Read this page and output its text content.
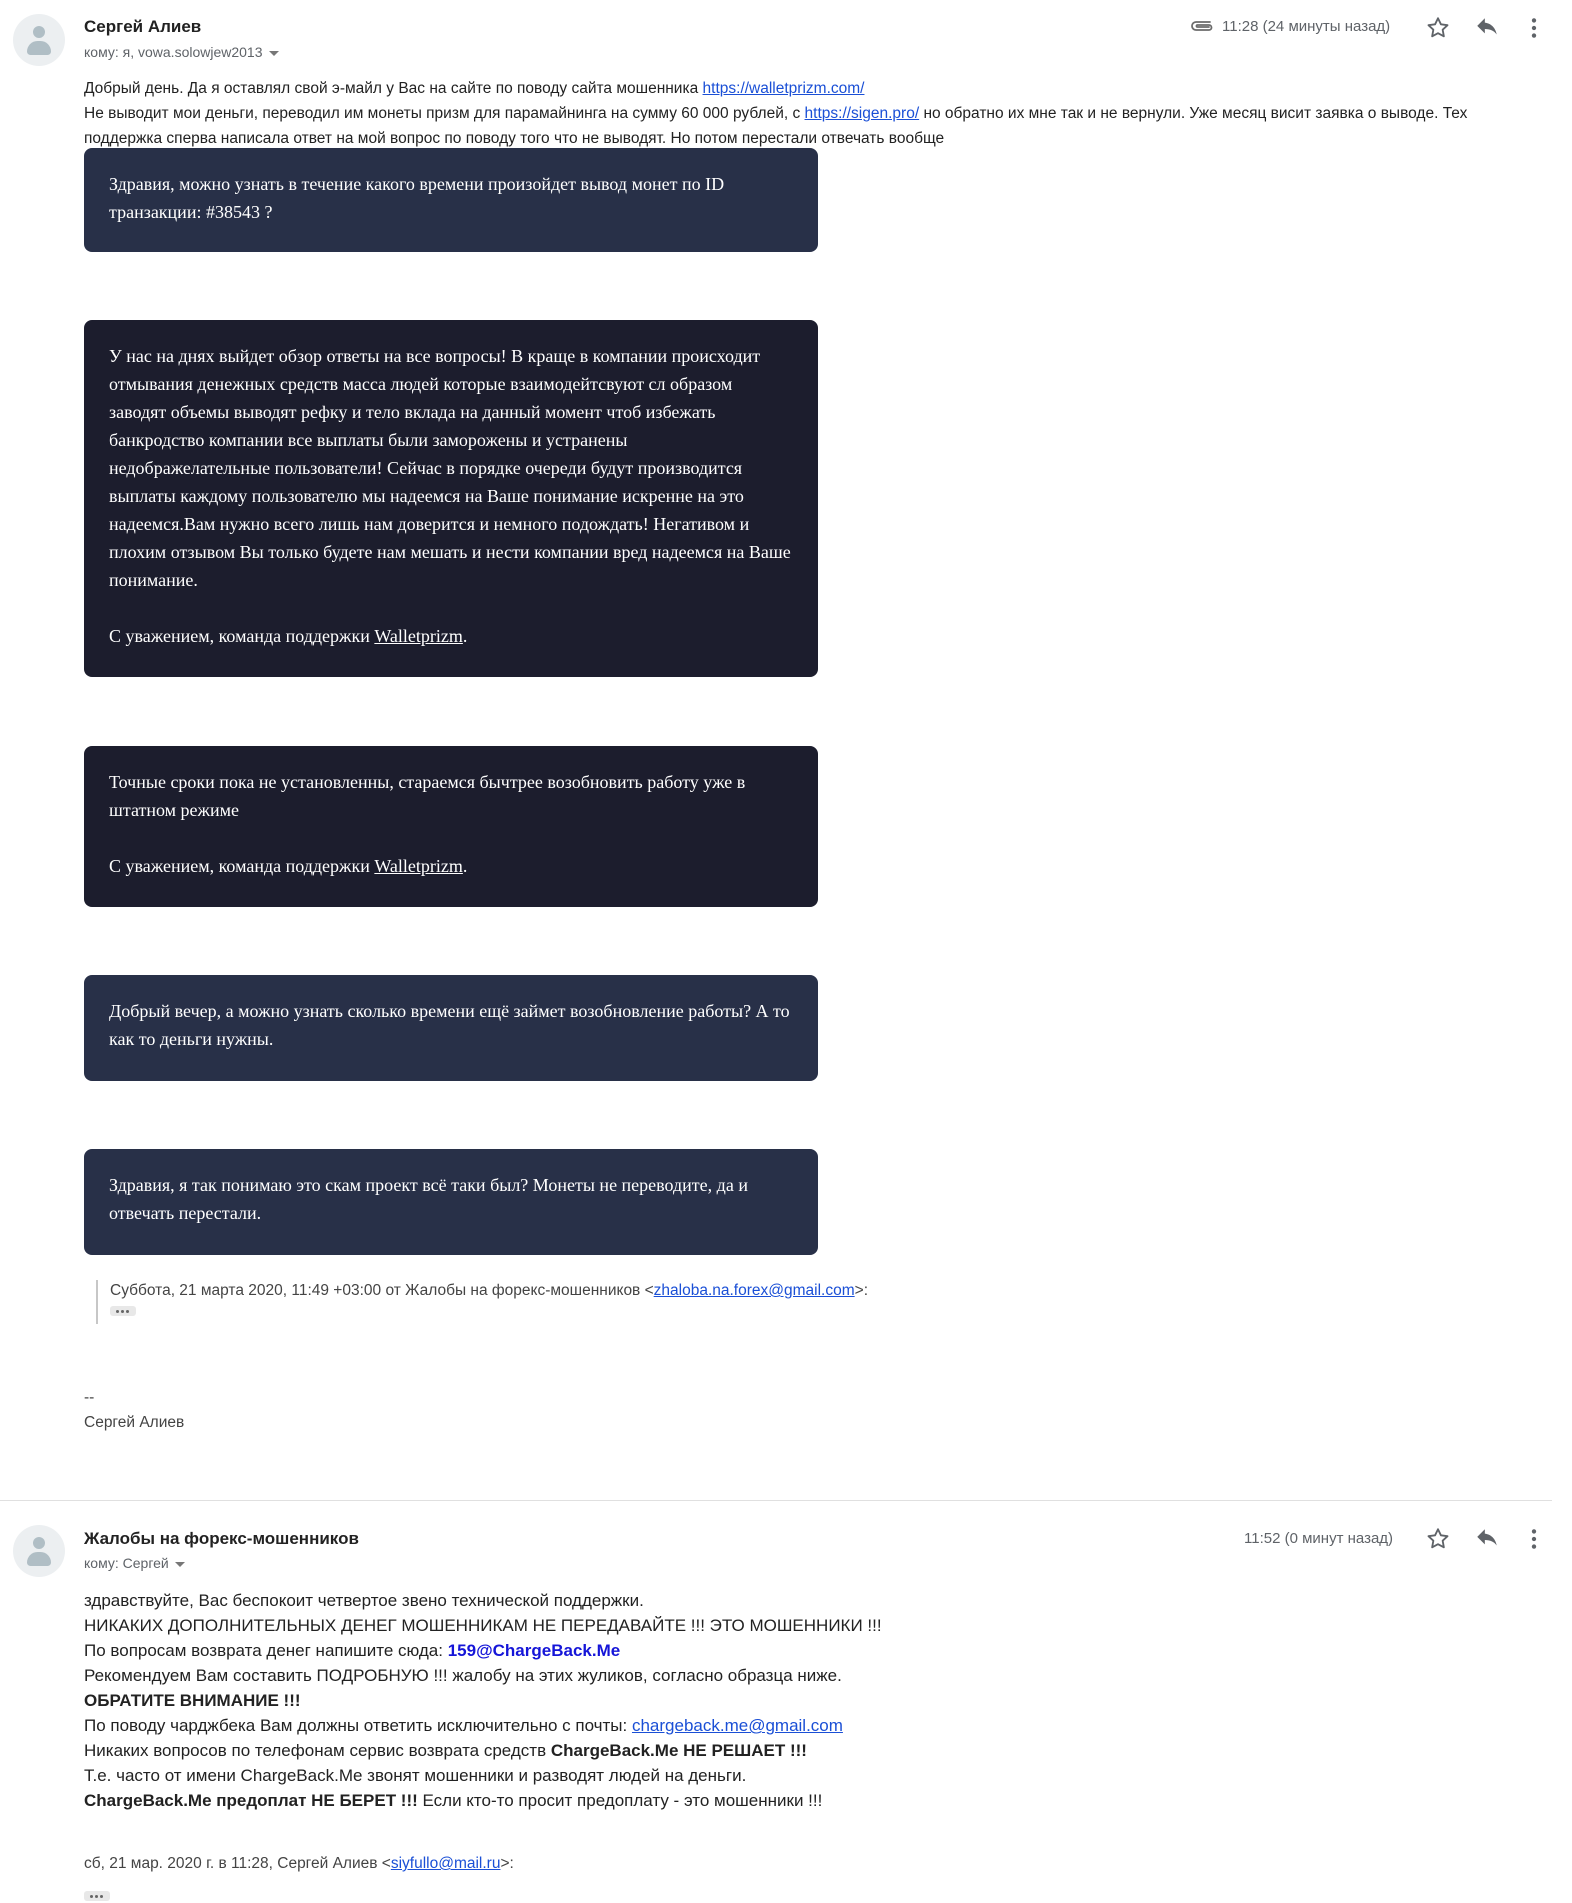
Сергей Алиев
кому: я, vowa.solowjew2013
11:28 (24 минуты назад)
Добрый день. Да я оставлял свой э-майл у Вас на сайте по поводу сайта мошенника https://walletprizm.com/
Не выводит мои деньги, переводил им монеты призм для парамайнинга на сумму 60 000 рублей, с https://sigen.pro/ но обратно их мне так и не вернули. Уже месяц висит заявка о выводе. Тех
поддержка сперва написала ответ на мой вопрос по поводу того что не выводят. Но потом перестали отвечать вообще
Здравия, можно узнать в течение какого времени произойдет вывод монет по ID транзакции: #38543 ?
У нас на днях выйдет обзор ответы на все вопросы! В краще в компании происходит отмывания денежных средств масса людей которые взаимодейтсвуют сл образом заводят объемы выводят рефку и тело вклада на данный момент чтоб избежать банкродство компании все выплаты были заморожены и устранены недображелательные пользователи! Сейчас в порядке очереди будут производится выплаты каждому пользователю мы надеемся на Ваше понимание искренне на это надеемся.Вам нужно всего лишь нам доверится и немного подождать! Негативом и плохим отзывом Вы только будете нам мешать и нести компании вред надеемся на Ваше понимание.
С уважением, команда поддержки Walletprizm.
Точные сроки пока не установленны, стараемся бычтрее возобновить работу уже в штатном режиме
С уважением, команда поддержки Walletprizm.
Добрый вечер, а можно узнать сколько времени ещё займет возобновление работы? А то как то деньги нужны.
Здравия, я так понимаю это скам проект всё таки был? Монеты не переводите, да и отвечать перестали.
Суббота, 21 марта 2020, 11:49 +03:00 от Жалобы на форекс-мошенников <zhaloba.na.forex@gmail.com>:
--
Сергей Алиев
Жалобы на форекс-мошенников
кому: Сергей
11:52 (0 минут назад)
здравствуйте, Вас беспокоит четвертое звено технической поддержки.
НИКАКИХ ДОПОЛНИТЕЛЬНЫХ ДЕНЕГ МОШЕННИКАМ НЕ ПЕРЕДАВАЙТЕ !!! ЭТО МОШЕННИКИ !!!
По вопросам возврата денег напишите сюда: 159@ChargeBack.Me
Рекомендуем Вам составить ПОДРОБНУЮ !!! жалобу на этих жуликов, согласно образца ниже.
ОБРАТИТЕ ВНИМАНИЕ !!!
По поводу чарджбека Вам должны ответить исключительно с почты: chargeback.me@gmail.com
Никаких вопросов по телефонам сервис возврата средств ChargeBack.Me НЕ РЕШАЕТ !!!
Т.е. часто от имени ChargeBack.Me звонят мошенники и разводят людей на деньги.
ChargeBack.Me предоплат НЕ БЕРЕТ !!! Если кто-то просит предоплату - это мошенники !!!
сб, 21 мар. 2020 г. в 11:28, Сергей Алиев <siyfullo@mail.ru>:
